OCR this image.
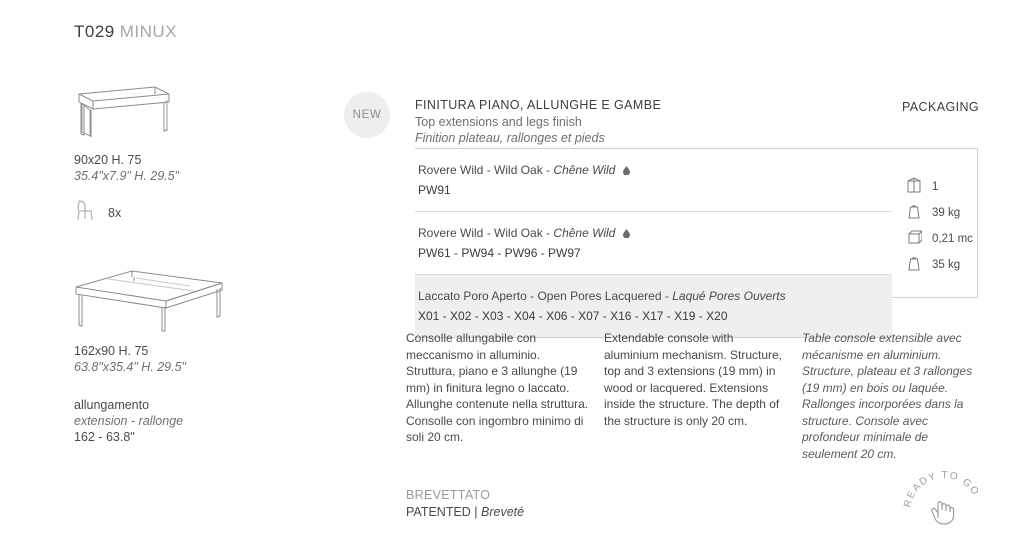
T029 MINUX
90x20 H. 75
35.4"x7.9" H. 29.5"
8x
162x90 H. 75
63.8"x35.4" H. 29.5"
allungamento
extension - rallonge
162 - 63.8"
NEW
FINITURA PIANO, ALLUNGHE E GAMBE
Top extensions and legs finish
Finition plateau, rallonges et pieds
PACKAGING
Rovere Wild - Wild Oak - Chêne Wild
PW91
Rovere Wild - Wild Oak - Chêne Wild
PW61 - PW94 - PW96 - PW97
Laccato Poro Aperto - Open Pores Lacquered - Laqué Pores Ouverts
X01 - X02 - X03 - X04 - X06 - X07 - X16 - X17 - X19 - X20
1
39 kg
0,21 mc
35 kg
Consolle allungabile con meccanismo in alluminio. Struttura, piano e 3 allunghe (19 mm) in finitura legno o laccato. Allunghe contenute nella struttura. Consolle con ingombro minimo di soli 20 cm.
Extendable console with aluminium mechanism. Structure, top and 3 extensions (19 mm) in wood or lacquered. Extensions inside the structure. The depth of the structure is only 20 cm.
Table console extensible avec mécanisme en aluminium. Structure, plateau et 3 rallonges (19 mm) en bois ou laquée. Rallonges incorporées dans la structure. Console avec profondeur minimale de seulement 20 cm.
BREVETTATO
PATENTED | Breveté
READY TO GO
